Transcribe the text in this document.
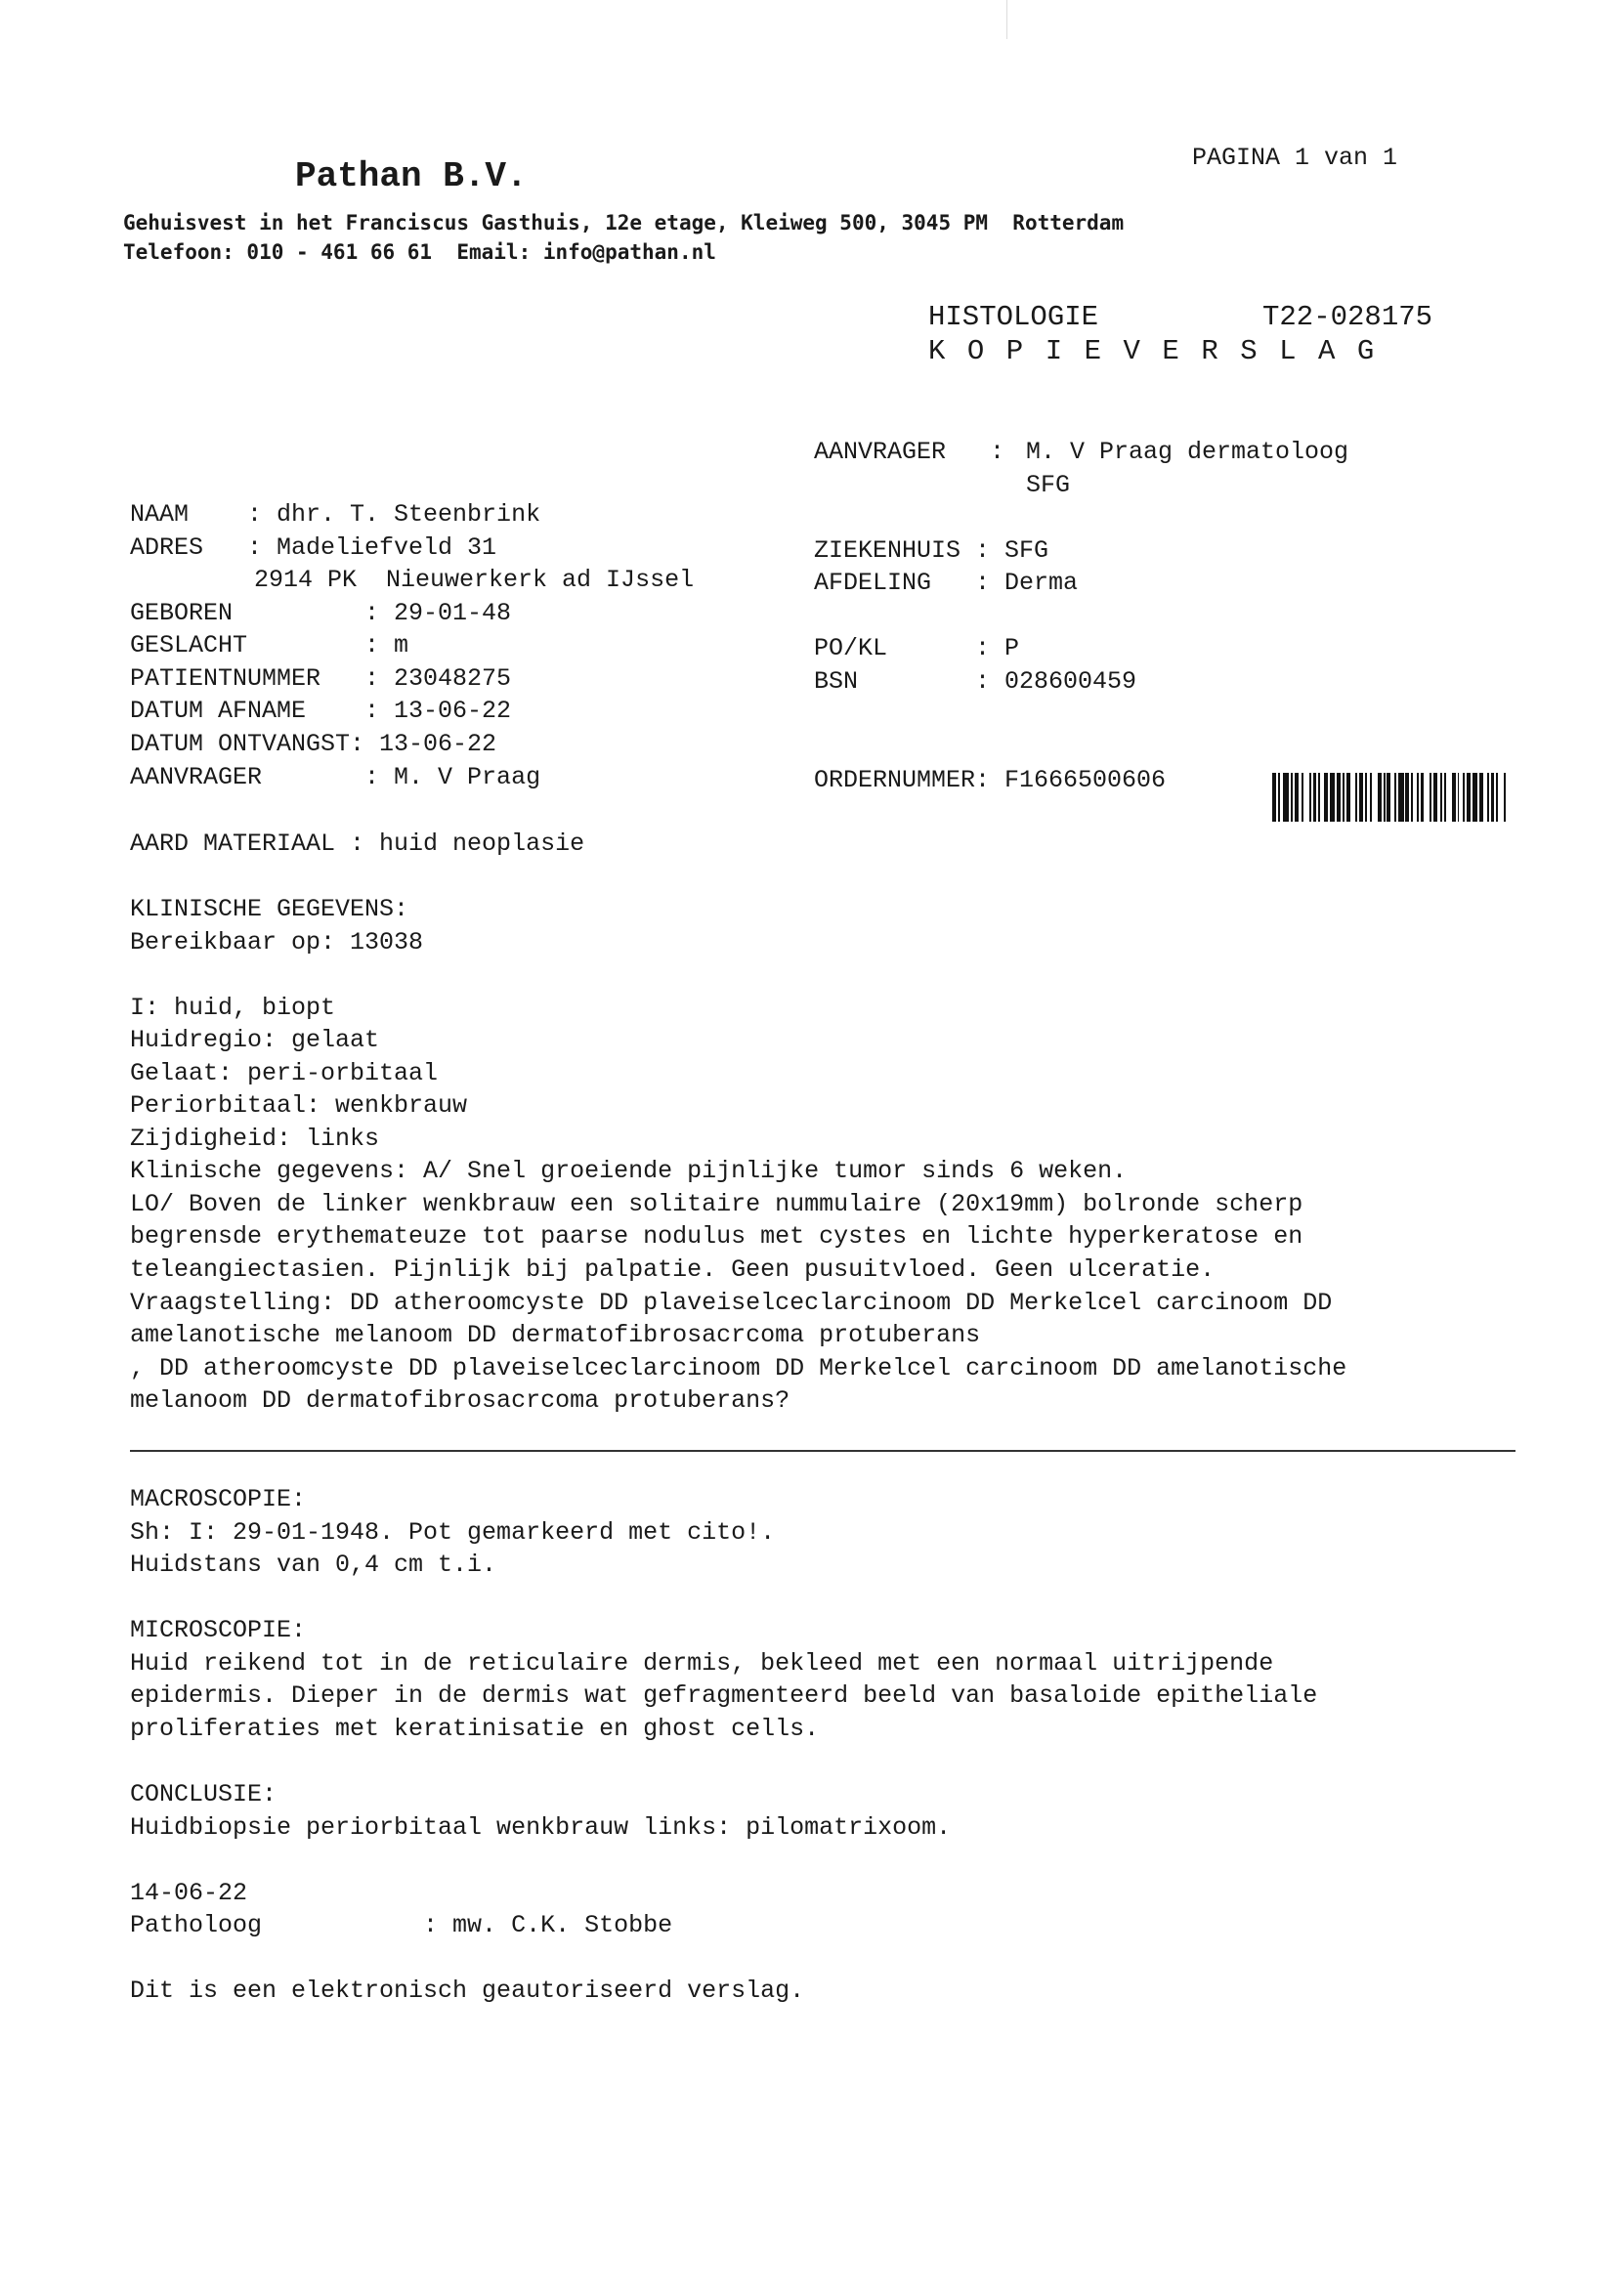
PAGINA 1 van 1
Pathan B.V.
Gehuisvest in het Franciscus Gasthuis, 12e etage, Kleiweg 500, 3045 PM  Rotterdam
Telefoon: 010 - 461 66 61  Email: info@pathan.nl
HISTOLOGIE	T22-028175
KOPIEVERSLAG
AANVRAGER   : M. V Praag dermatoloog
SFG
NAAM    : dhr. T. Steenbrink
ADRES   : Madeliefveld 31
2914 PK  Nieuwerkerk ad IJssel
GEBOREN         : 29-01-48
GESLACHT        : m
PATIENTNUMMER   : 23048275
DATUM AFNAME    : 13-06-22
DATUM ONTVANGST: 13-06-22
AANVRAGER       : M. V Praag
ZIEKENHUIS : SFG
AFDELING   : Derma
PO/KL      : P
BSN        : 028600459
ORDERNUMMER: F1666500606
AARD MATERIAAL : huid neoplasie
KLINISCHE GEGEVENS:
Bereikbaar op: 13038
I: huid, biopt
Huidregio: gelaat
Gelaat: peri-orbitaal
Periorbitaal: wenkbrauw
Zijdigheid: links
Klinische gegevens: A/ Snel groeiende pijnlijke tumor sinds 6 weken.
LO/ Boven de linker wenkbrauw een solitaire nummulaire (20x19mm) bolronde scherp
begrensde erythemateuze tot paarse nodulus met cystes en lichte hyperkeratose en
teleangiectasien. Pijnlijk bij palpatie. Geen pusuitvloed. Geen ulceratie.
Vraagstelling: DD atheroomcyste DD plaveiselceclarcinoom DD Merkelcel carcinoom DD
amelanotische melanoom DD dermatofibrosacrcoma protuberans
, DD atheroomcyste DD plaveiselceclarcinoom DD Merkelcel carcinoom DD amelanotische
melanoom DD dermatofibrosacrcoma protuberans?
MACROSCOPIE:
Sh: I: 29-01-1948. Pot gemarkeerd met cito!.
Huidstans van 0,4 cm t.i.
MICROSCOPIE:
Huid reikend tot in de reticulaire dermis, bekleed met een normaal uitrijpende
epidermis. Dieper in de dermis wat gefragmenteerd beeld van basaloide epitheliale
proliferaties met keratinisatie en ghost cells.
CONCLUSIE:
Huidbiopsie periorbitaal wenkbrauw links: pilomatrixoom.
14-06-22
Patholoog           : mw. C.K. Stobbe
Dit is een elektronisch geautoriseerd verslag.
